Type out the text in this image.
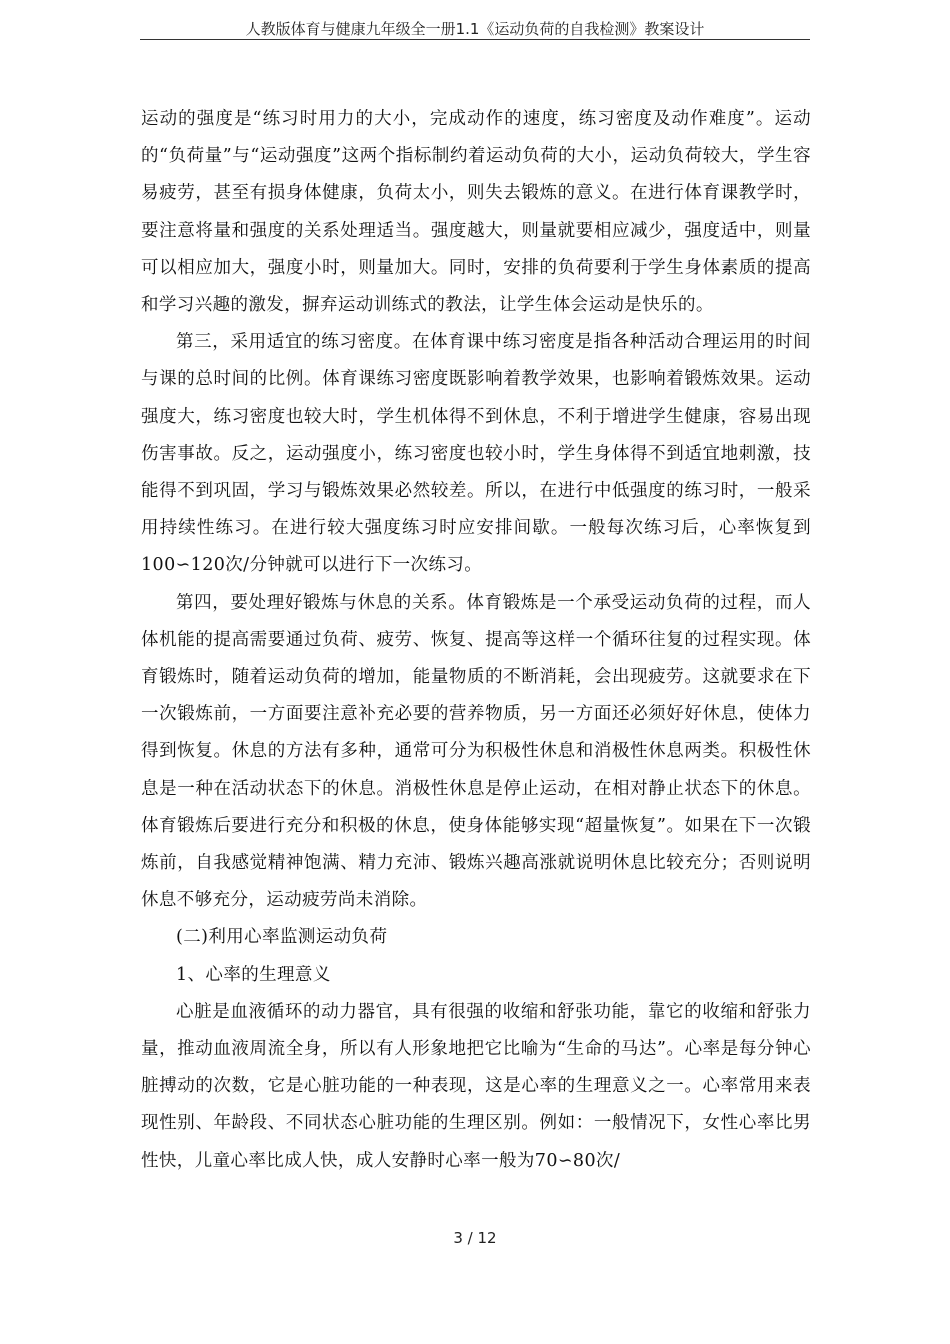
人教版体育与健康九年级全一册1.1《运动负荷的自我检测》教案设计

运动的强度是“练习时用力的大小，完成动作的速度，练习密度及动作难度”。运动的“负荷量”与“运动强度”这两个指标制约着运动负荷的大小，运动负荷较大，学生容易疲劳，甚至有损身体健康，负荷太小，则失去锻炼的意义。在进行体育课教学时，要注意将量和强度的关系处理适当。强度越大，则量就要相应减少，强度适中，则量可以相应加大，强度小时，则量加大。同时，安排的负荷要利于学生身体素质的提高和学习兴趣的激发，摒弃运动训练式的教法，让学生体会运动是快乐的。

第三，采用适宜的练习密度。在体育课中练习密度是指各种活动合理运用的时间与课的总时间的比例。体育课练习密度既影响着教学效果，也影响着锻炼效果。运动强度大，练习密度也较大时，学生机体得不到休息，不利于增进学生健康，容易出现伤害事故。反之，运动强度小，练习密度也较小时，学生身体得不到适宜地刺激，技能得不到巩固，学习与锻炼效果必然较差。所以，在进行中低强度的练习时，一般采用持续性练习。在进行较大强度练习时应安排间歇。一般每次练习后，心率恢复到100∽120次/分钟就可以进行下一次练习。

第四，要处理好锻炼与休息的关系。体育锻炼是一个承受运动负荷的过程，而人体机能的提高需要通过负荷、疲劳、恢复、提高等这样一个循环往复的过程实现。体育锻炼时，随着运动负荷的增加，能量物质的不断消耗，会出现疲劳。这就要求在下一次锻炼前，一方面要注意补充必要的营养物质，另一方面还必须好好休息，使体力得到恢复。休息的方法有多种，通常可分为积极性休息和消极性休息两类。积极性休息是一种在活动状态下的休息。消极性休息是停止运动，在相对静止状态下的休息。体育锻炼后要进行充分和积极的休息，使身体能够实现“超量恢复”。如果在下一次锻炼前，自我感觉精神饱满、精力充沛、锻炼兴趣高涨就说明休息比较充分；否则说明休息不够充分，运动疲劳尚未消除。

(二)利用心率监测运动负荷

1、心率的生理意义

心脏是血液循环的动力器官，具有很强的收缩和舒张功能，靠它的收缩和舒张力量，推动血液周流全身，所以有人形象地把它比喻为“生命的马达”。心率是每分钟心脏搏动的次数，它是心脏功能的一种表现，这是心率的生理意义之一。心率常用来表现性别、年龄段、不同状态心脏功能的生理区别。例如：一般情况下，女性心率比男性快，儿童心率比成人快，成人安静时心率一般为70∽80次/

3 / 12
